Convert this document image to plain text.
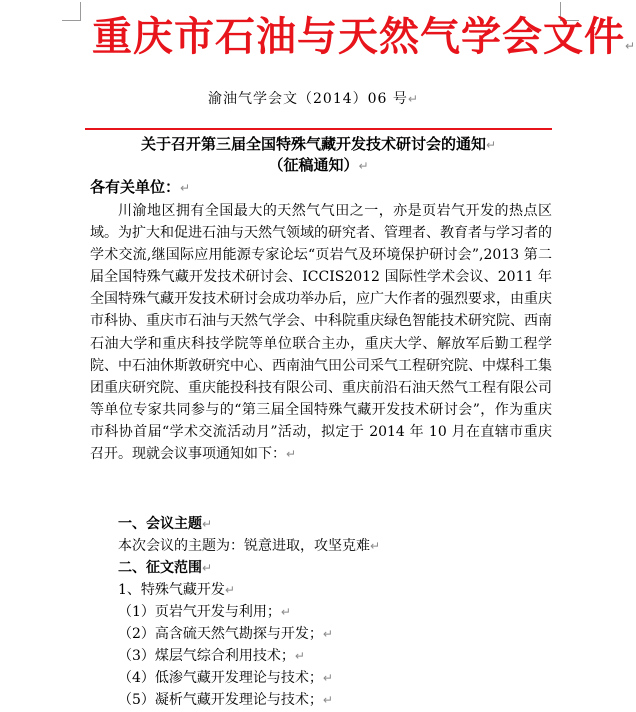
重庆市石油与天然气学会文件↵
渝油气学会文（2014）06 号↵
关于召开第三届全国特殊气藏开发技术研讨会的通知↵
（征稿通知）↵
各有关单位：↵

川渝地区拥有全国最大的天然气气田之一，亦是页岩气开发的热点区域。为扩大和促进石油与天然气领域的研究者、管理者、教育者与学习者的学术交流,继国际应用能源专家论坛“页岩气及环境保护研讨会”,2013 第二届全国特殊气藏开发技术研讨会、ICCIS2012 国际性学术会议、2011 年全国特殊气藏开发技术研讨会成功举办后，应广大作者的强烈要求，由重庆市科协、重庆市石油与天然气学会、中科院重庆绿色智能技术研究院、西南石油大学和重庆科技学院等单位联合主办，重庆大学、解放军后勤工程学院、中石油休斯敦研究中心、西南油气田公司采气工程研究院、中煤科工集团重庆研究院、重庆能投科技有限公司、重庆前沿石油天然气工程有限公司等单位专家共同参与的“第三届全国特殊气藏开发技术研讨会”，作为重庆市科协首届“学术交流活动月”活动，拟定于 2014 年 10 月在直辖市重庆召开。现就会议事项通知如下：↵

一、会议主题↵
本次会议的主题为：锐意进取，攻坚克难↵
二、征文范围↵
1、特殊气藏开发↵
（1）页岩气开发与利用；↵
（2）高含硫天然气勘探与开发；↵
（3）煤层气综合利用技术；↵
（4）低渗气藏开发理论与技术；↵
（5）凝析气藏开发理论与技术；↵
